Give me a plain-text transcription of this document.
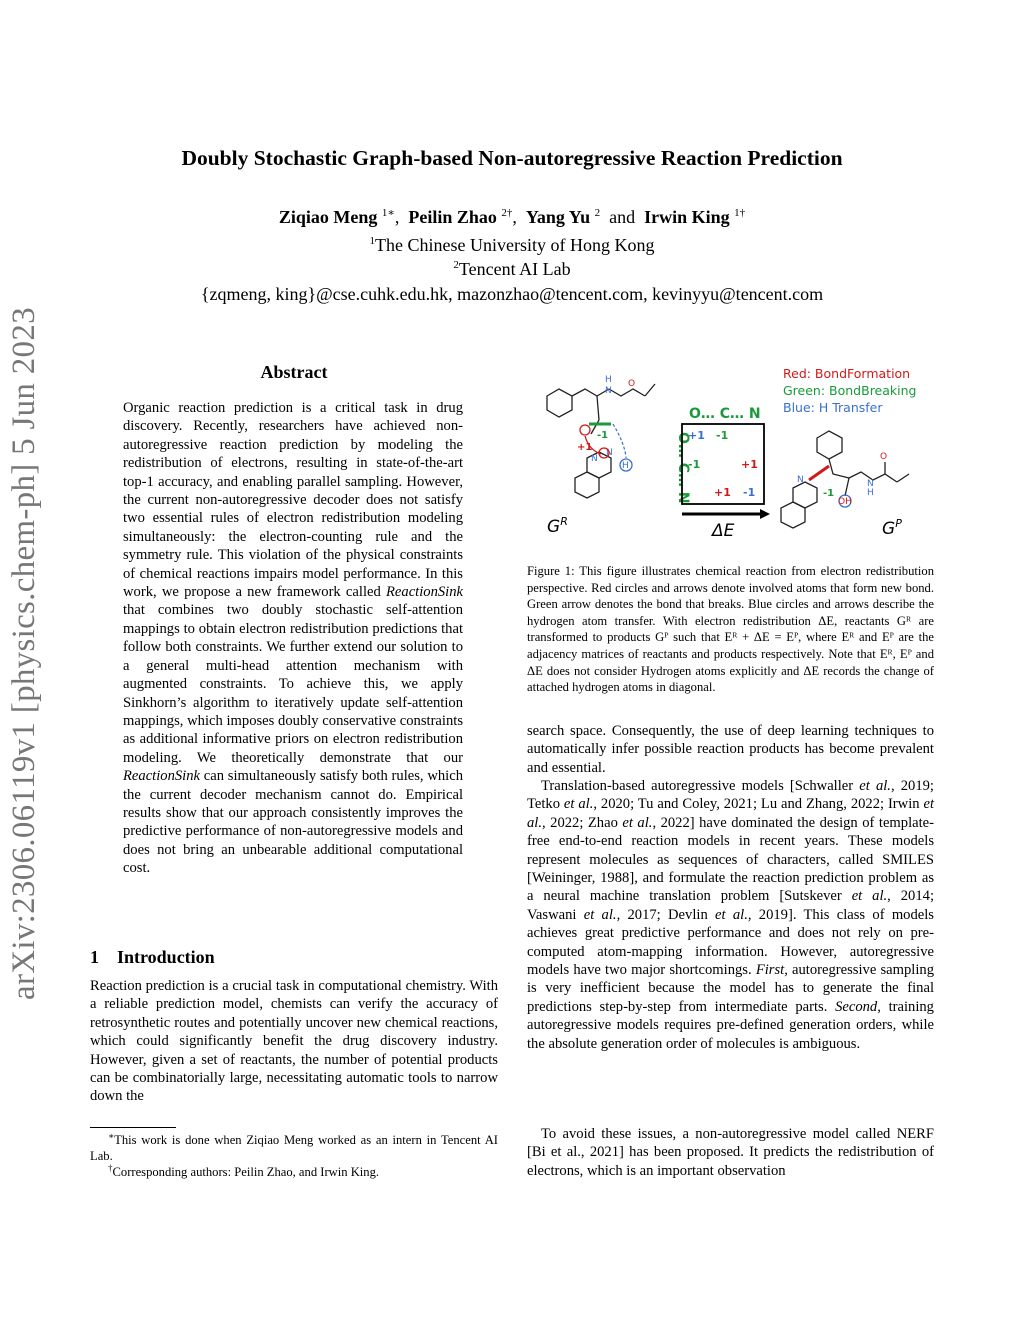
arXiv:2306.06119v1 [physics.chem-ph] 5 Jun 2023
Doubly Stochastic Graph-based Non-autoregressive Reaction Prediction
Ziqiao Meng $^{1∗}$, Peilin Zhao $^{2\dagger}$, Yang Yu $^2$ and Irwin King $^{1\dagger}$
$^1$The Chinese University of Hong Kong
$^2$Tencent AI Lab
{zqmeng, king}@cse.cuhk.edu.hk, mazonzhao@tencent.com, kevinyyu@tencent.com
Abstract
Organic reaction prediction is a critical task in drug discovery. Recently, researchers have achieved non-autoregressive reaction prediction by modeling the redistribution of electrons, resulting in state-of-the-art top-1 accuracy, and enabling parallel sampling. However, the current non-autoregressive decoder does not satisfy two essential rules of electron redistribution modeling simultaneously: the electron-counting rule and the symmetry rule. This violation of the physical constraints of chemical reactions impairs model performance. In this work, we propose a new framework called ReactionSink that combines two doubly stochastic self-attention mappings to obtain electron redistribution predictions that follow both constraints. We further extend our solution to a general multi-head attention mechanism with augmented constraints. To achieve this, we apply Sinkhorn’s algorithm to iteratively update self-attention mappings, which imposes doubly conservative constraints as additional informative priors on electron redistribution modeling. We theoretically demonstrate that our ReactionSink can simultaneously satisfy both rules, which the current decoder mechanism cannot do. Empirical results show that our approach consistently improves the predictive performance of non-autoregressive models and does not bring an unbearable additional computational cost.
1 Introduction
Reaction prediction is a crucial task in computational chemistry. With a reliable prediction model, chemists can verify the accuracy of retrosynthetic routes and potentially uncover new chemical reactions, which could significantly benefit the drug discovery industry. However, given a set of reactants, the number of potential products can be combinatorially large, necessitating automatic tools to narrow down the
∗This work is done when Ziqiao Meng worked as an intern in Tencent AI Lab.
†Corresponding authors: Peilin Zhao, and Irwin King.
Red: BondFormation
Green: BondBreaking
Blue: H Transfer
H
N
O
N
N
H
-1
+1
$G^R$
O… C… N
O… C… N
+1 -1
-1	+1
+1 -1
ΔE
N
O
H
N
OH
-1
$G^P$
Figure 1: This figure illustrates chemical reaction from electron redistribution perspective. Red circles and arrows denote involved atoms that form new bond. Green arrow denotes the bond that breaks. Blue circles and arrows describe the hydrogen atom transfer. With electron redistribution ΔE, reactants Gᴿ are transformed to products Gᴾ such that Eᴿ + ΔE = Eᴾ, where Eᴿ and Eᴾ are the adjacency matrices of reactants and products respectively. Note that Eᴿ, Eᴾ and ΔE does not consider Hydrogen atoms explicitly and ΔE records the change of attached hydrogen atoms in diagonal.
search space. Consequently, the use of deep learning techniques to automatically infer possible reaction products has become prevalent and essential.
Translation-based autoregressive models [Schwaller et al., 2019; Tetko et al., 2020; Tu and Coley, 2021; Lu and Zhang, 2022; Irwin et al., 2022; Zhao et al., 2022] have dominated the design of template-free end-to-end reaction models in recent years. These models represent molecules as sequences of characters, called SMILES [Weininger, 1988], and formulate the reaction prediction problem as a neural machine translation problem [Sutskever et al., 2014; Vaswani et al., 2017; Devlin et al., 2019]. This class of models achieves great predictive performance and does not rely on pre-computed atom-mapping information. However, autoregressive models have two major shortcomings. First, autoregressive sampling is very inefficient because the model has to generate the final predictions step-by-step from intermediate parts. Second, training autoregressive models requires pre-defined generation orders, while the absolute generation order of molecules is ambiguous.
To avoid these issues, a non-autoregressive model called NERF [Bi et al., 2021] has been proposed. It predicts the redistribution of electrons, which is an important observation
